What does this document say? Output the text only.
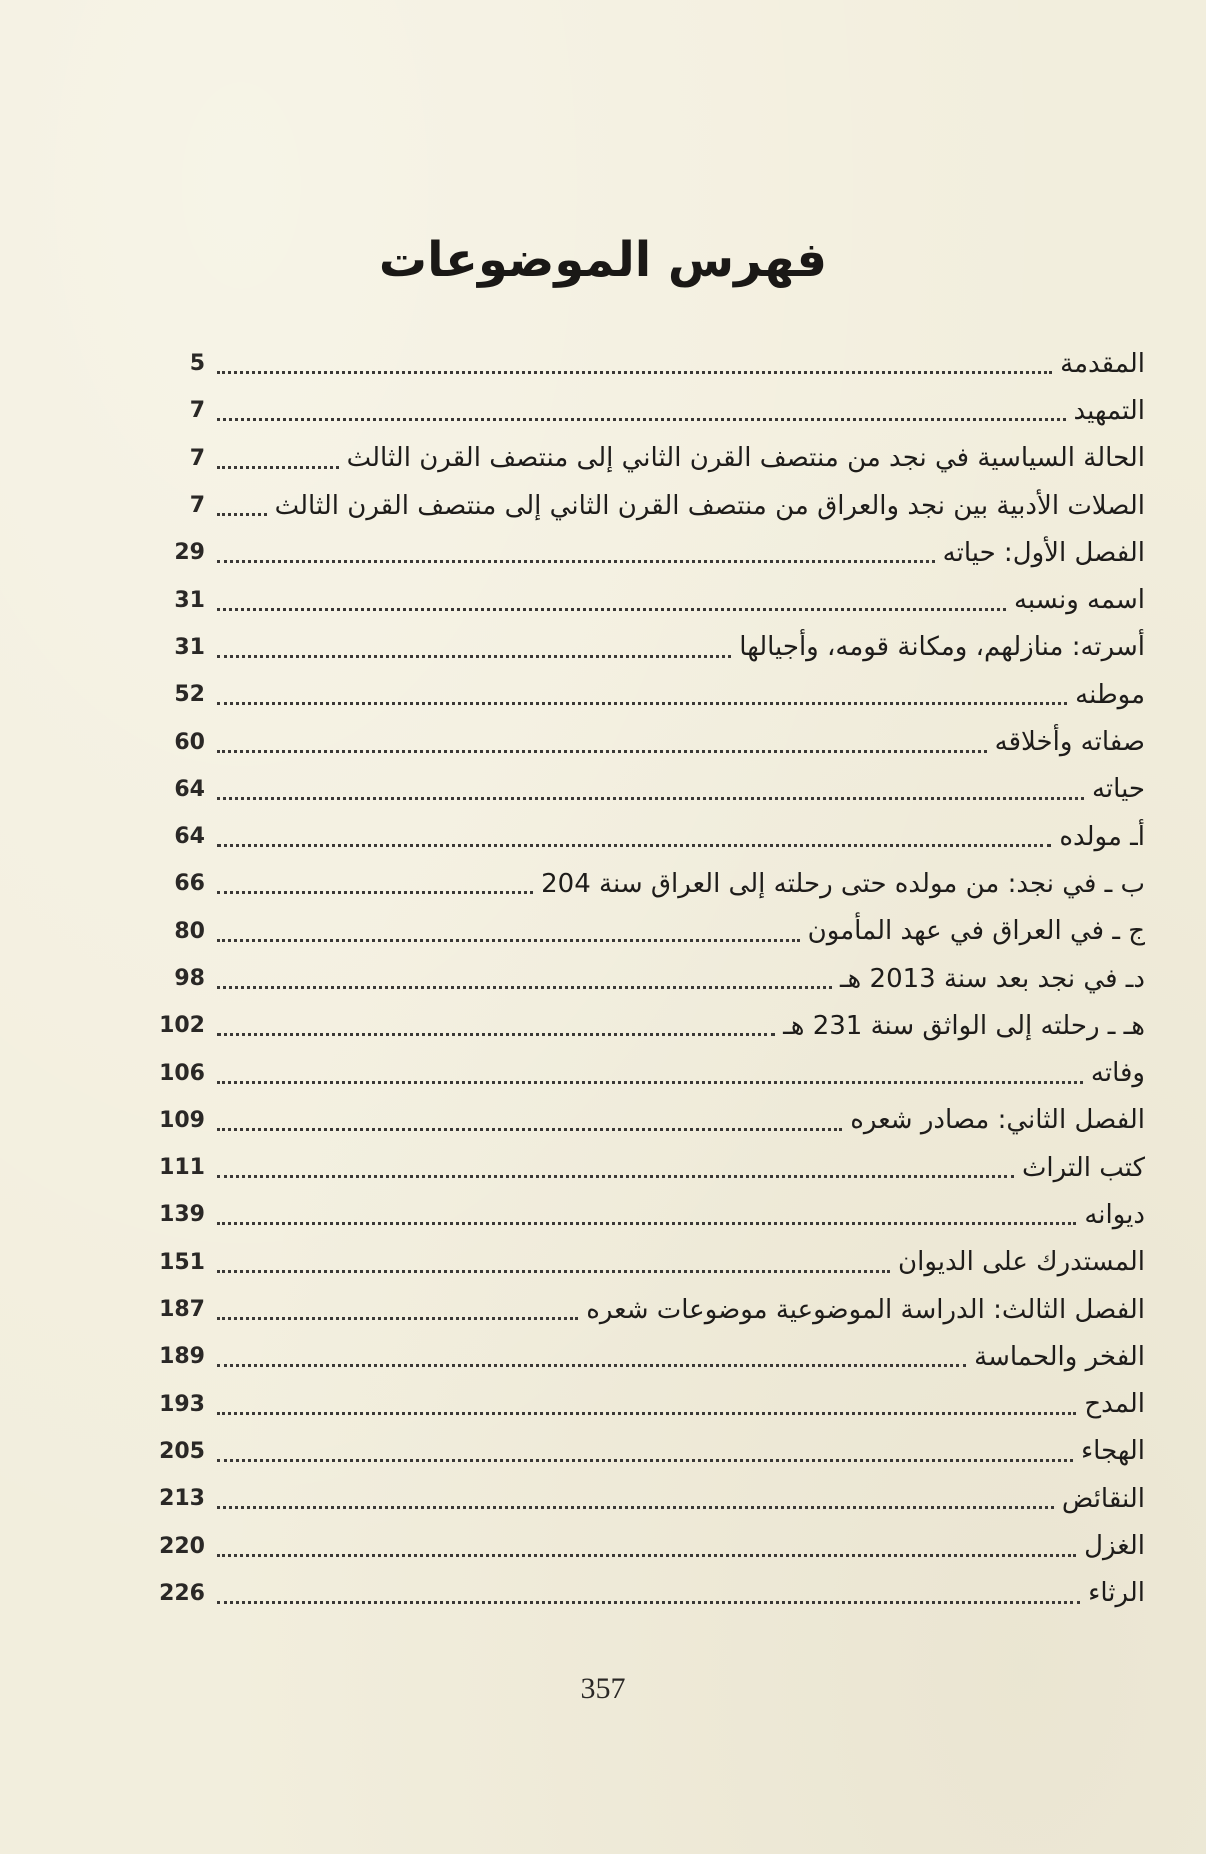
فهرس الموضوعات
5	المقدمة
7	التمهيد
7	الحالة السياسية في نجد من منتصف القرن الثاني إلى منتصف القرن الثالث
7	الصلات الأدبية بين نجد والعراق من منتصف القرن الثاني إلى منتصف القرن الثالث
29	الفصل الأول: حياته
31	اسمه ونسبه
31	أسرته: منازلهم، ومكانة قومه، وأجيالها
52	موطنه
60	صفاته وأخلاقه
64	حياته
64	أـ مولده
66	ب ـ في نجد: من مولده حتى رحلته إلى العراق سنة 204
80	ج ـ في العراق في عهد المأمون
98	دـ في نجد بعد سنة 2013 هـ
102	هـ ـ رحلته إلى الواثق سنة 231 هـ
106	وفاته
109	الفصل الثاني: مصادر شعره
111	كتب التراث
139	ديوانه
151	المستدرك على الديوان
187	الفصل الثالث: الدراسة الموضوعية موضوعات شعره
189	الفخر والحماسة
193	المدح
205	الهجاء
213	النقائض
220	الغزل
226	الرثاء
357
